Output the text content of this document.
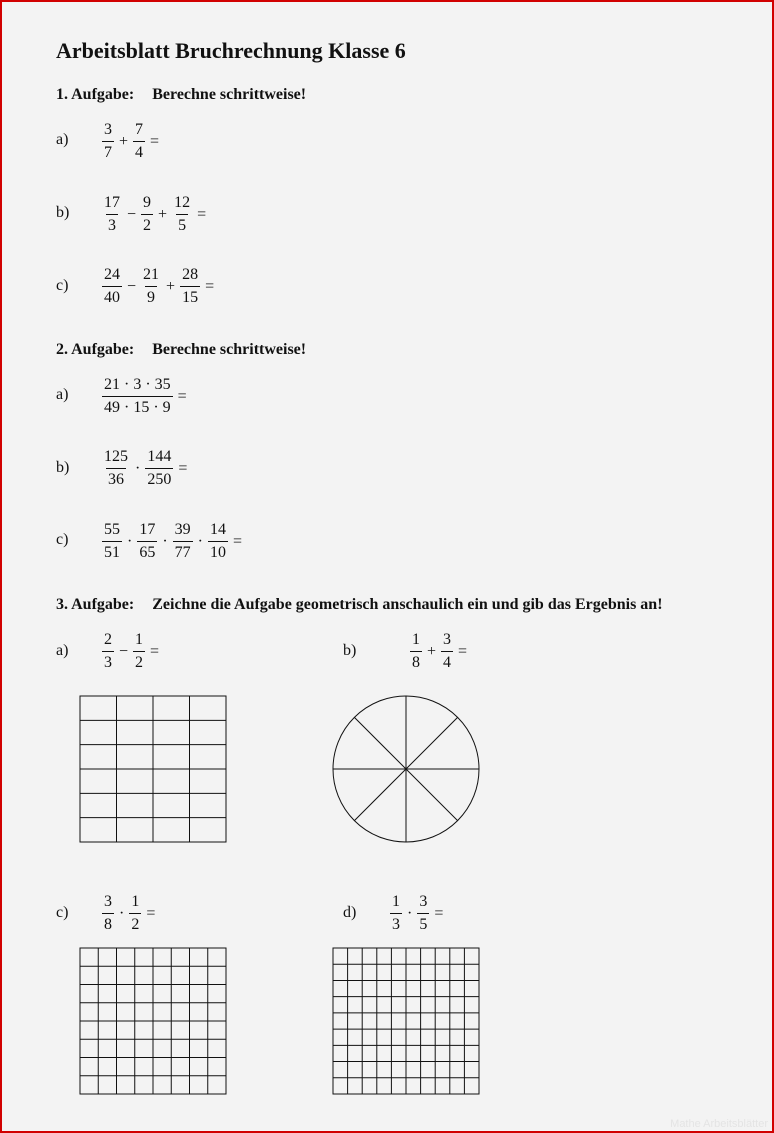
Arbeitsblatt Bruchrechnung Klasse 6
1. Aufgabe: Berechne schrittweise!
$a) \frac{3}{7} + \frac{7}{4}$ =
$b) \frac{17}{3} - \frac{9}{2} + \frac{12}{5}$ =
$c) \frac{24}{40} - \frac{21}{9} + \frac{28}{15}$ =
2. Aufgabe: Berechne schrittweise!
$a) \frac{21 \cdot 3 \cdot 35}{49 \cdot 15 \cdot 9}$ =
$b) \frac{125}{36} \cdot \frac{144}{250}$ =
$c) \frac{55}{51} \cdot \frac{17}{65} \cdot \frac{39}{77} \cdot \frac{14}{10}$ =
3. Aufgabe: Zeichne die Aufgabe geometrisch anschaulich ein und gib das Ergebnis an!
$a) \frac{2}{3} - \frac{1}{2}$ =	b)	$\frac{1}{8} + \frac{3}{4}$ =
$c) \frac{3}{8} \cdot \frac{1}{2}$ =	$d) \frac{1}{3} \cdot \frac{3}{5}$ =
Mathe Arbeitsblätter
